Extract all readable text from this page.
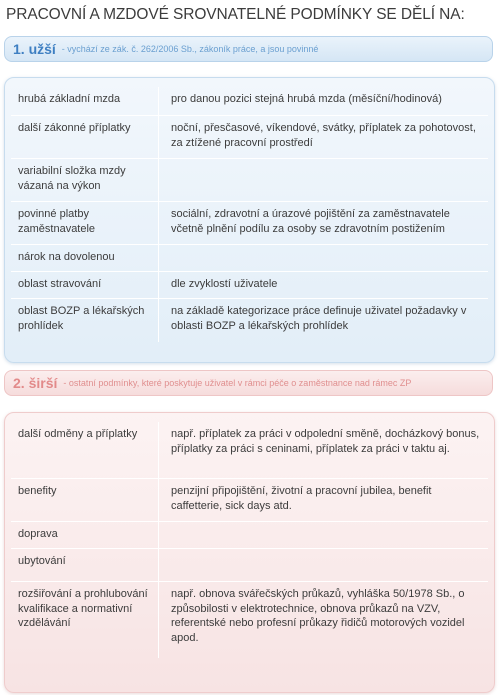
PRACOVNÍ A MZDOVÉ SROVNATELNÉ PODMÍNKY SE DĚLÍ NA:
1. užší - vychází ze zák. č. 262/2006 Sb., zákoník práce, a jsou povinné
hrubá základní mzda	pro danou pozici stejná hrubá mzda (měsíční/hodinová)
další zákonné příplatky	noční, přesčasové, víkendové, svátky, příplatek za pohotovost, za ztížené pracovní prostředí
variabilní složka mzdy vázaná na výkon	
povinné platby zaměstnavatele	sociální, zdravotní a úrazové pojištění za zaměstnavatele včetně plnění podílu za osoby se zdravotním postižením
nárok na dovolenou	
oblast stravování	dle zvyklostí uživatele
oblast BOZP a lékařských prohlídek	na základě kategorizace práce definuje uživatel požadavky v oblasti BOZP a lékařských prohlídek
2. širší - ostatní podmínky, které poskytuje uživatel v rámci péče o zaměstnance nad rámec ZP
další odměny a příplatky	např. příplatek za práci v odpolední směně, docházkový bonus, příplatky za práci s ceninami, příplatek za práci v taktu aj.
benefity	penzijní připojištění, životní a pracovní jubilea, benefit caffetterie, sick days atd.
doprava	
ubytování	
rozšiřování a prohlubování kvalifikace a normativní vzdělávání	např. obnova svářečských průkazů, vyhláška 50/1978 Sb., o způsobilosti v elektrotechnice, obnova průkazů na VZV, referentské nebo profesní průkazy řidičů motorových vozidel apod.
